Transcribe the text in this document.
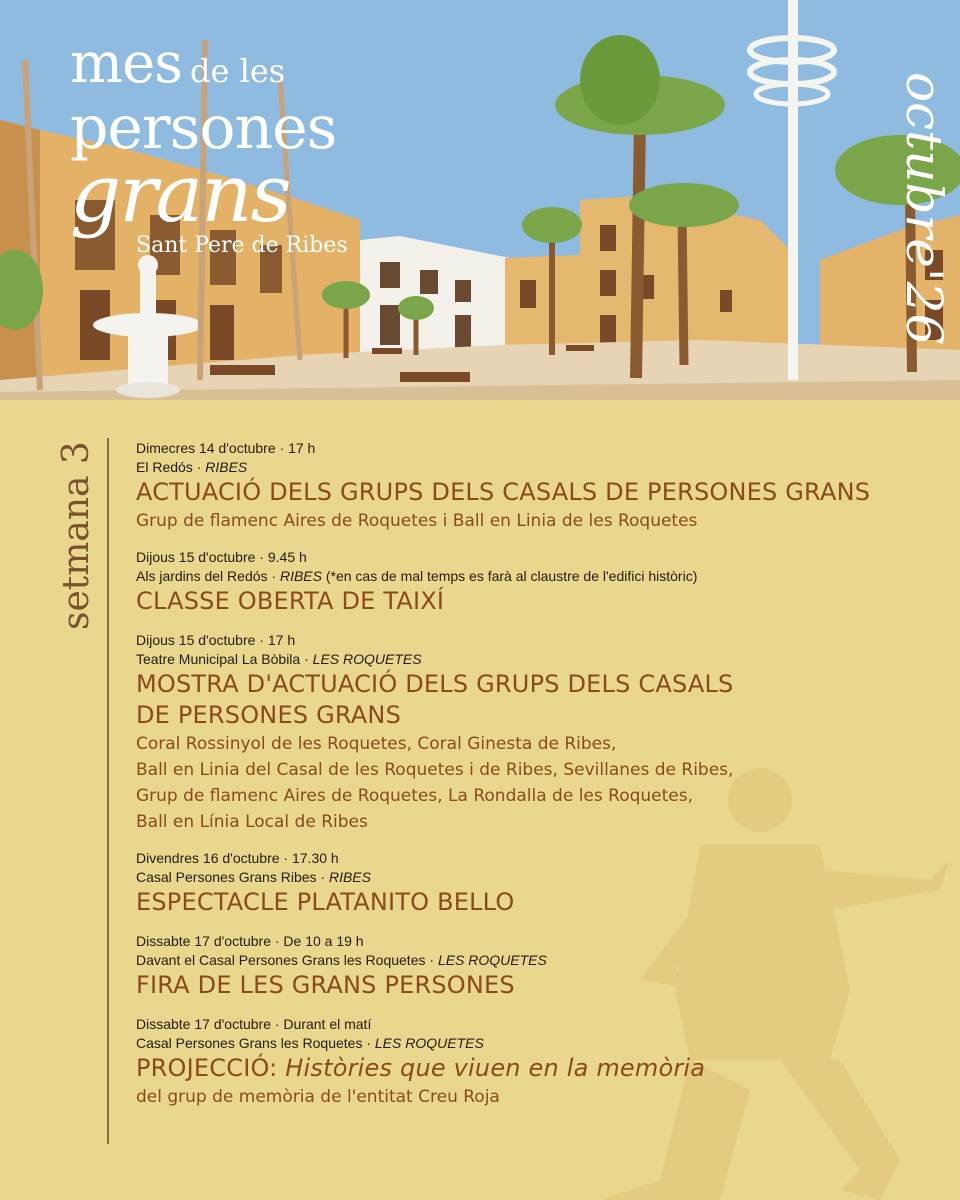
mes de les
persones
grans
Sant Pere de Ribes	octubre'26
setmana 3	Dimecres 14 d'octubre · 17 h
El Redós · RIBES
ACTUACIÓ DELS GRUPS DELS CASALS DE PERSONES GRANS
Grup de flamenc Aires de Roquetes i Ball en Linia de les Roquetes
Dijous 15 d'octubre · 9.45 h
Als jardins del Redós · RIBES (*en cas de mal temps es farà al claustre de l'edifici històric)
CLASSE OBERTA DE TAIXÍ
Dijous 15 d'octubre · 17 h
Teatre Municipal La Bòbila · LES ROQUETES
MOSTRA D'ACTUACIÓ DELS GRUPS DELS CASALS
DE PERSONES GRANS
Coral Rossinyol de les Roquetes, Coral Ginesta de Ribes,
Ball en Linia del Casal de les Roquetes i de Ribes, Sevillanes de Ribes,
Grup de flamenc Aires de Roquetes, La Rondalla de les Roquetes,
Ball en Línia Local de Ribes
Divendres 16 d'octubre · 17.30 h
Casal Persones Grans Ribes · RIBES
ESPECTACLE PLATANITO BELLO
Dissabte 17 d'octubre · De 10 a 19 h
Davant el Casal Persones Grans les Roquetes · LES ROQUETES
FIRA DE LES GRANS PERSONES
Dissabte 17 d'octubre · Durant el matí
Casal Persones Grans les Roquetes · LES ROQUETES
PROJECCIÓ: Històries que viuen en la memòria
del grup de memòria de l'entitat Creu Roja
